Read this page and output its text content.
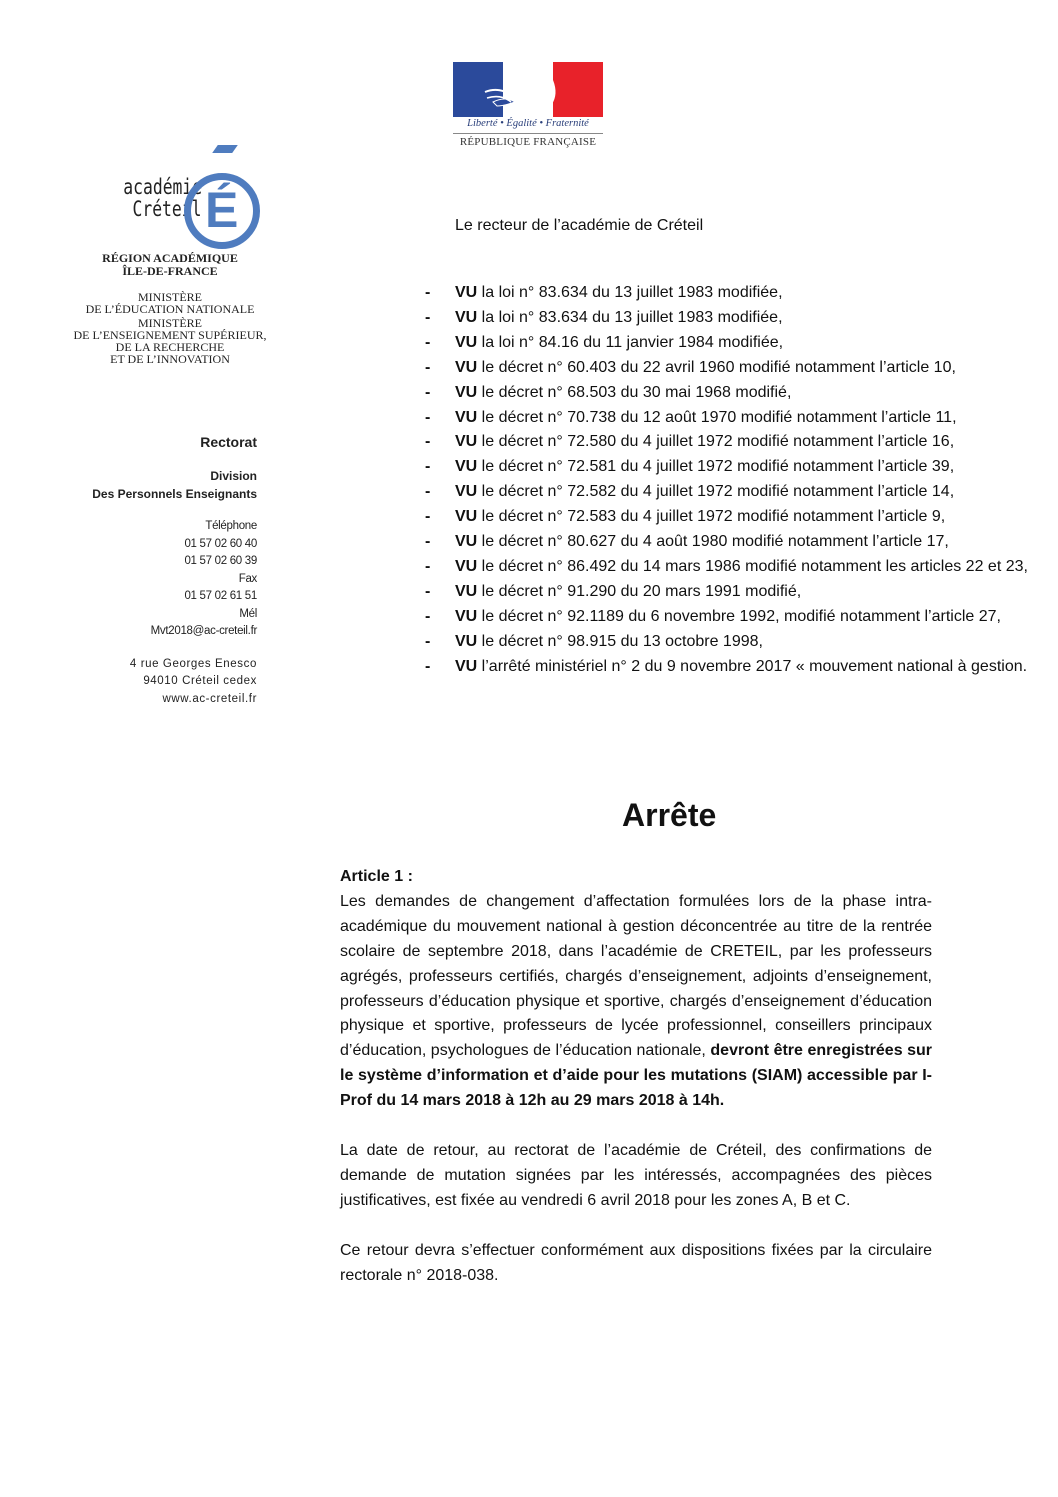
Liberté • Égalité • Fraternité
RÉPUBLIQUE FRANÇAISE
académie
Créteil É
RÉGION ACADÉMIQUE
ÎLE-DE-FRANCE
MINISTÈRE
DE L’ÉDUCATION NATIONALE
MINISTÈRE
DE L’ENSEIGNEMENT SUPÉRIEUR,
DE LA RECHERCHE
ET DE L’INNOVATION
Rectorat
Division
Des Personnels Enseignants
Téléphone
01 57 02 60 40
01 57 02 60 39
Fax
01 57 02 61 51
Mél
Mvt2018@ac-creteil.fr
4 rue Georges Enesco
94010 Créteil cedex
www.ac-creteil.fr
Le recteur de l’académie de Créteil
- VU la loi n° 83.634 du 13 juillet 1983 modifiée,
- VU la loi n° 83.634 du 13 juillet 1983 modifiée,
- VU la loi n° 84.16 du 11 janvier 1984 modifiée,
- VU le décret n° 60.403 du 22 avril 1960 modifié notamment l’article 10,
- VU le décret n° 68.503 du 30 mai 1968 modifié,
- VU le décret n° 70.738 du 12 août 1970 modifié notamment l’article 11,
- VU le décret n° 72.580 du 4 juillet 1972 modifié notamment l’article 16,
- VU le décret n° 72.581 du 4 juillet 1972 modifié notamment l’article 39,
- VU le décret n° 72.582 du 4 juillet 1972 modifié notamment l’article 14,
- VU le décret n° 72.583 du 4 juillet 1972 modifié notamment l’article 9,
- VU le décret n° 80.627 du 4 août 1980 modifié notamment l’article 17,
- VU le décret n° 86.492 du 14 mars 1986 modifié notamment les articles 22 et 23,
- VU le décret n° 91.290 du 20 mars 1991 modifié,
- VU le décret n° 92.1189 du 6 novembre 1992, modifié notamment l’article 27,
- VU le décret n° 98.915 du 13 octobre 1998,
- VU l’arrêté ministériel n° 2 du 9 novembre 2017 « mouvement national à gestion.
Arrête
Article 1 :

Les demandes de changement d’affectation formulées lors de la phase intra-académique du mouvement national à gestion déconcentrée au titre de la rentrée scolaire de septembre 2018, dans l’académie de CRETEIL, par les professeurs agrégés, professeurs certifiés, chargés d’enseignement, adjoints d’enseignement, professeurs d’éducation physique et sportive, chargés d’enseignement d’éducation physique et sportive, professeurs de lycée professionnel, conseillers principaux d’éducation, psychologues de l’éducation nationale, devront être enregistrées sur le système d’information et d’aide pour les mutations (SIAM) accessible par I- Prof du 14 mars 2018 à 12h au 29 mars 2018 à 14h.

La date de retour, au rectorat de l’académie de Créteil, des confirmations de demande de mutation signées par les intéressés, accompagnées des pièces justificatives, est fixée au vendredi 6 avril 2018 pour les zones A, B et C.

Ce retour devra s’effectuer conformément aux dispositions fixées par la circulaire rectorale n° 2018-038.
